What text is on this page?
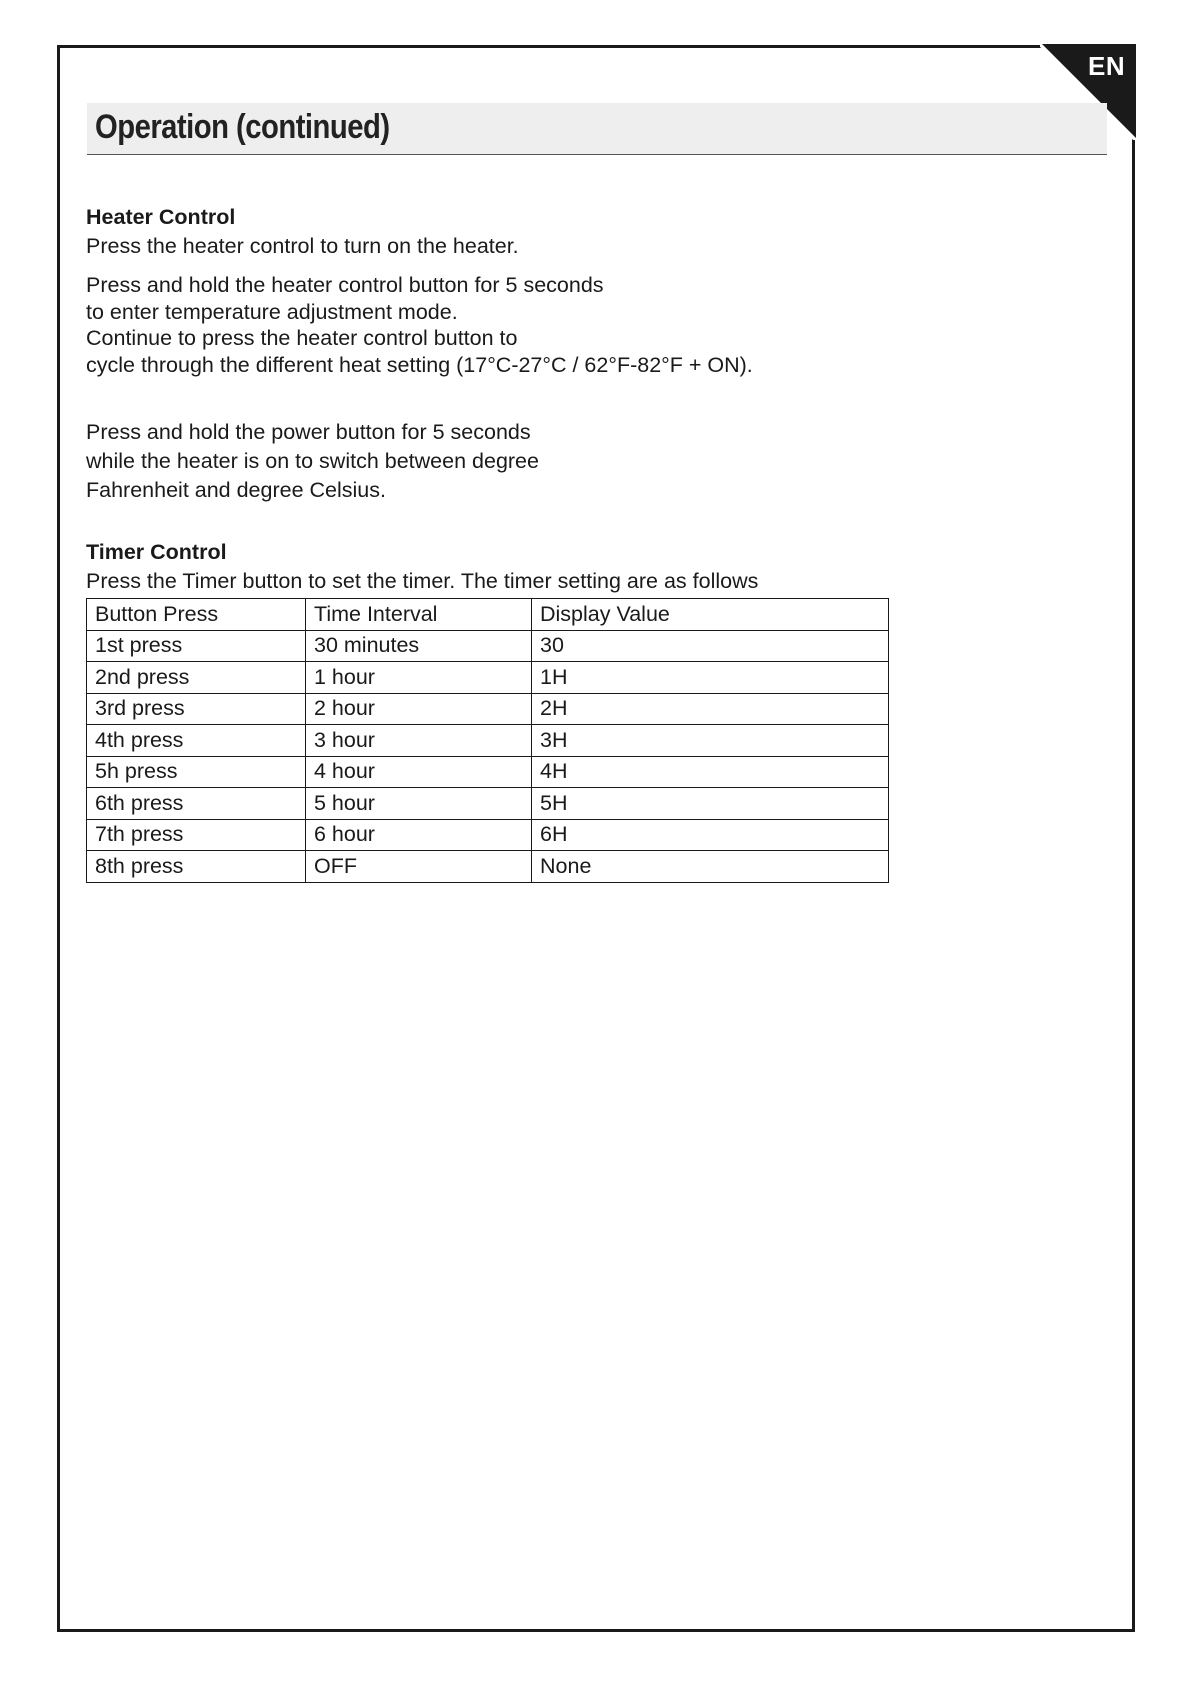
EN
Operation (continued)

Heater Control

Press the heater control to turn on the heater.

Press and hold the heater control button for 5 seconds

to enter temperature adjustment mode.

Continue to press the heater control button to

cycle through the different heat setting (17°C-27°C / 62°F-82°F + ON).

Press and hold the power button for 5 seconds

while the heater is on to switch between degree

Fahrenheit and degree Celsius.

Timer Control

Press the Timer button to set the timer. The timer setting are as follows

Button Press	Time Interval	Display Value
1st press	30 minutes	30
2nd press	1 hour	1H
3rd press	2 hour	2H
4th press	3 hour	3H
5h press	4 hour	4H
6th press	5 hour	5H
7th press	6 hour	6H
8th press	OFF	None
